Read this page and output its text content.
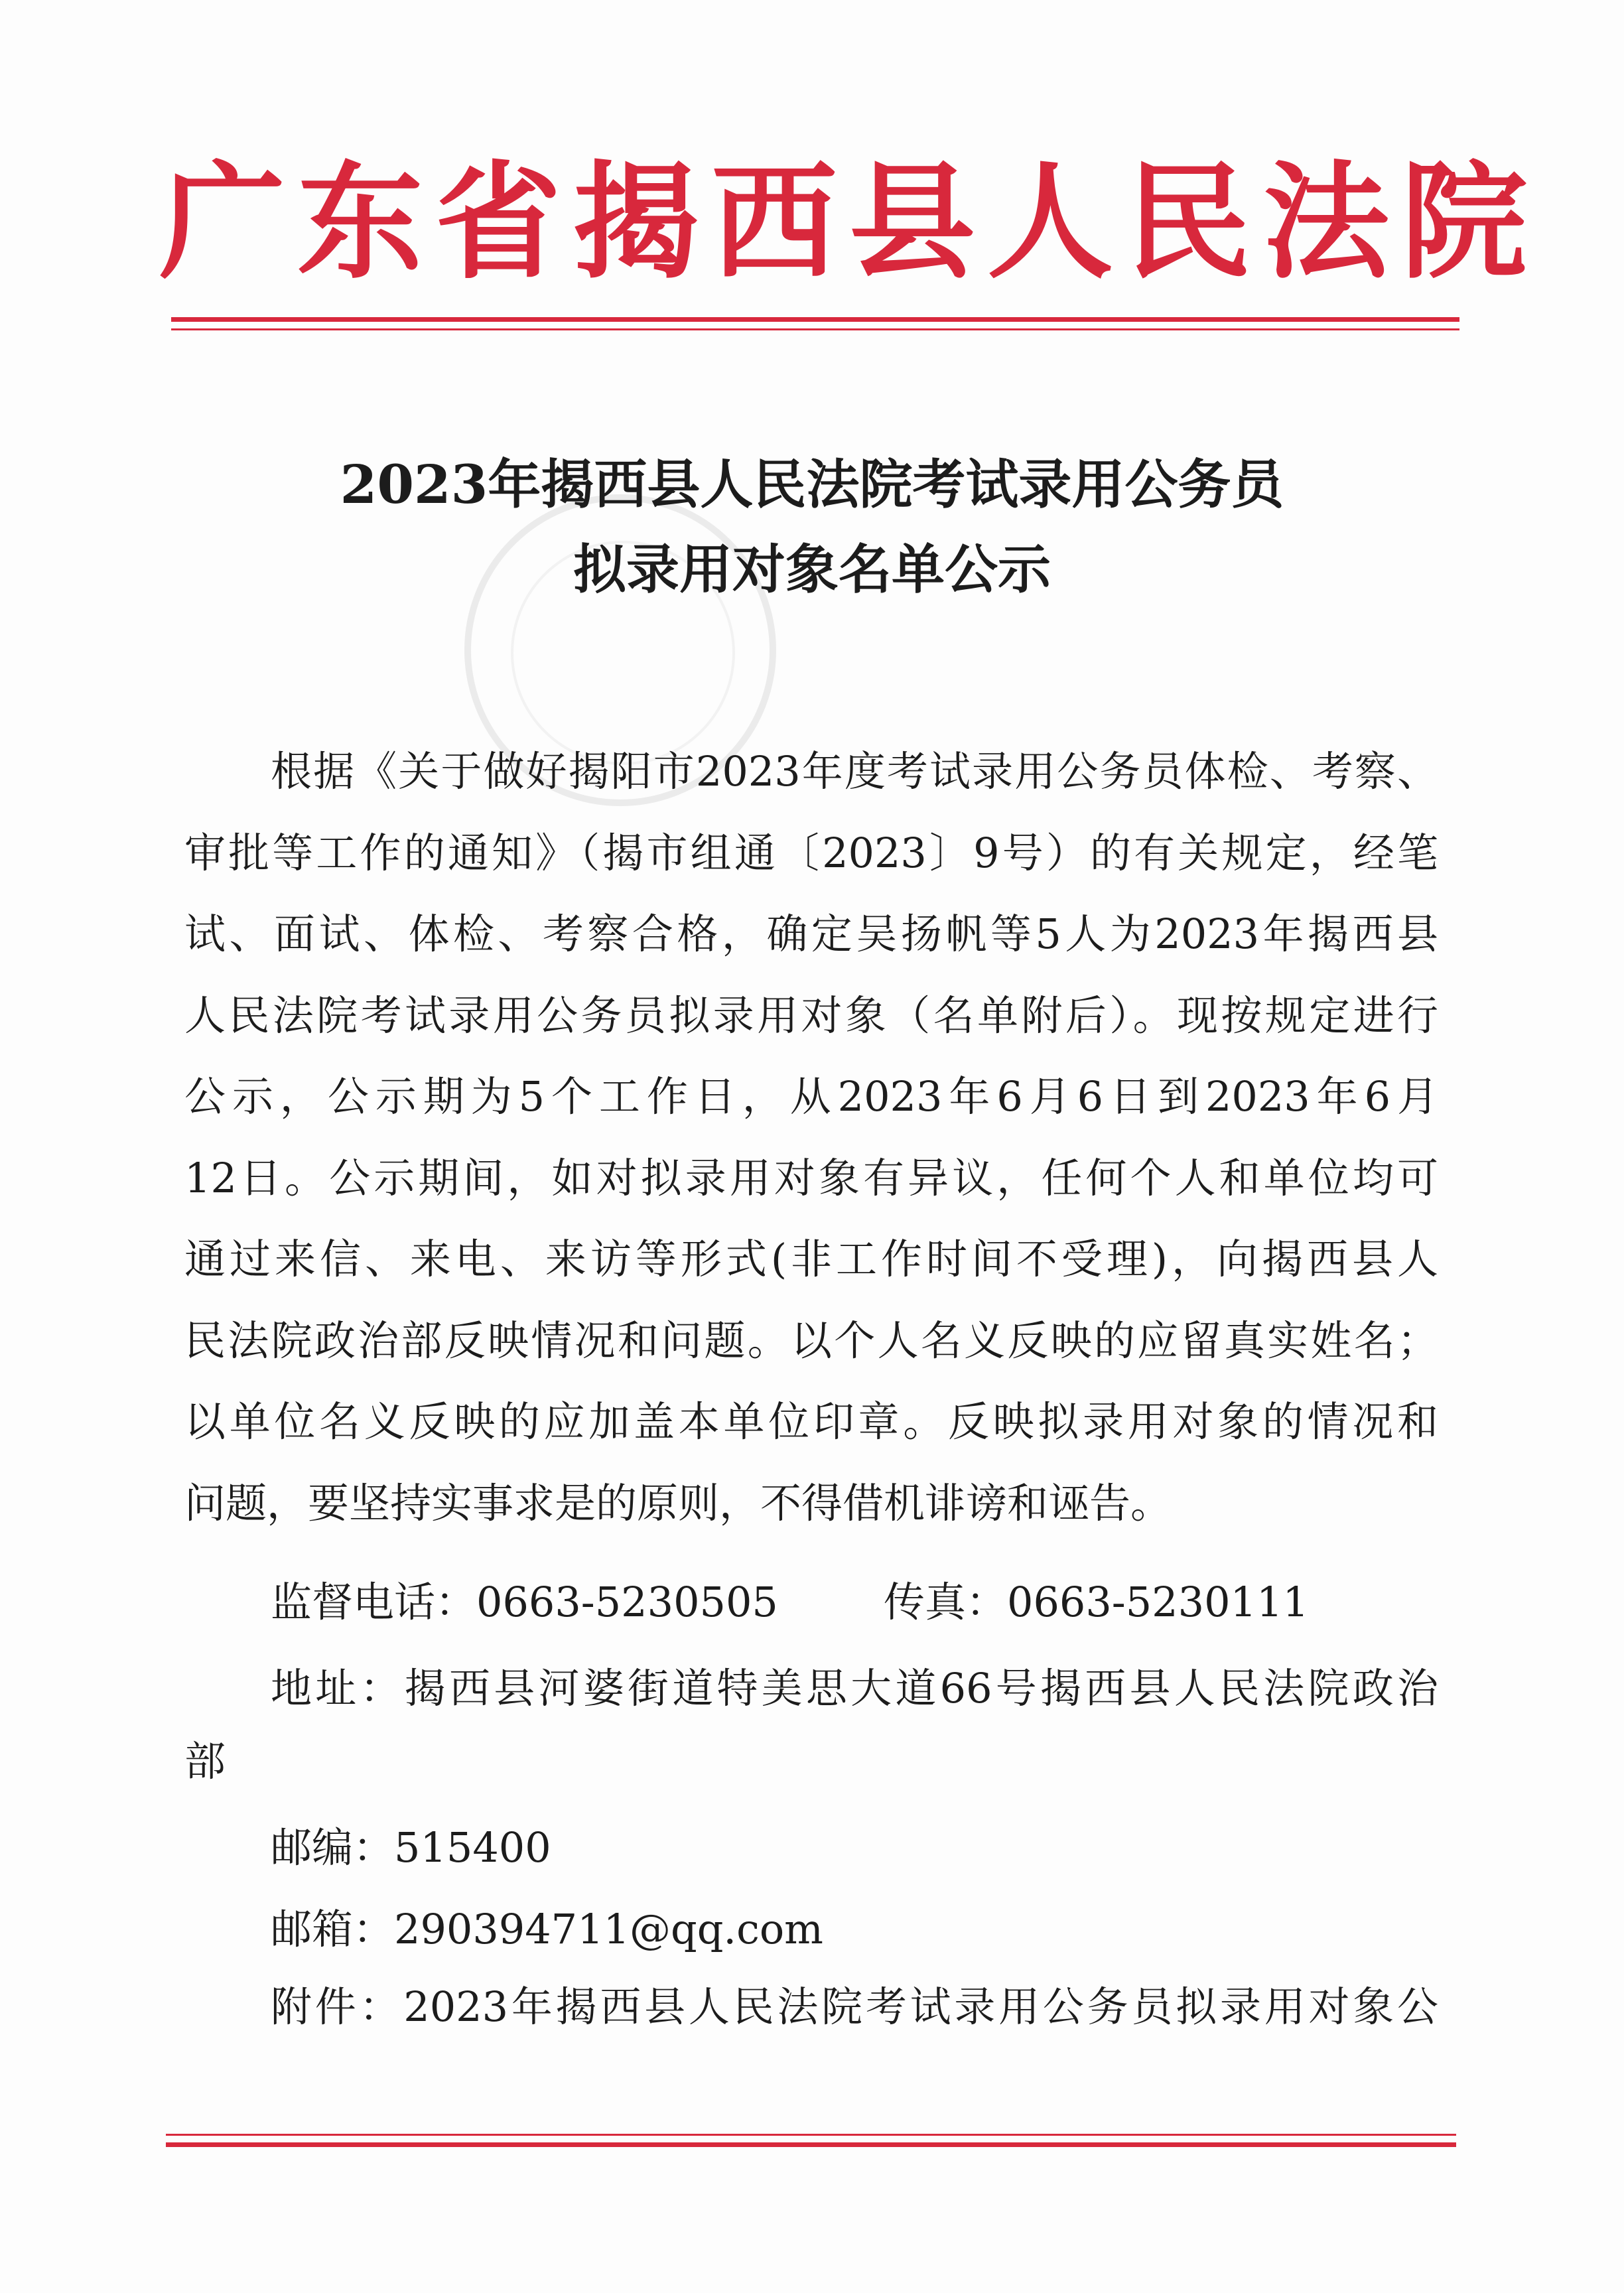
广东省揭西县人民法院
2023年揭西县人民法院考试录用公务员
拟录用对象名单公示
根据《关于做好揭阳市2023年度考试录用公务员体检、考察、
审批等工作的通知》（揭市组通〔2023〕9号）的有关规定，经笔
试、面试、体检、考察合格，确定吴扬帆等5人为2023年揭西县
人民法院考试录用公务员拟录用对象（名单附后）。现按规定进行
公示，公示期为5个工作日，从2023年6月6日到2023年6月
12日。公示期间，如对拟录用对象有异议，任何个人和单位均可
通过来信、来电、来访等形式(非工作时间不受理)，向揭西县人
民法院政治部反映情况和问题。以个人名义反映的应留真实姓名；
以单位名义反映的应加盖本单位印章。反映拟录用对象的情况和
问题，要坚持实事求是的原则，不得借机诽谤和诬告。
监督电话：0663-5230505	传真：0663-5230111
地址：揭西县河婆街道特美思大道66号揭西县人民法院政治
部
邮编：515400
邮箱：290394711@qq.com
附件：2023年揭西县人民法院考试录用公务员拟录用对象公
